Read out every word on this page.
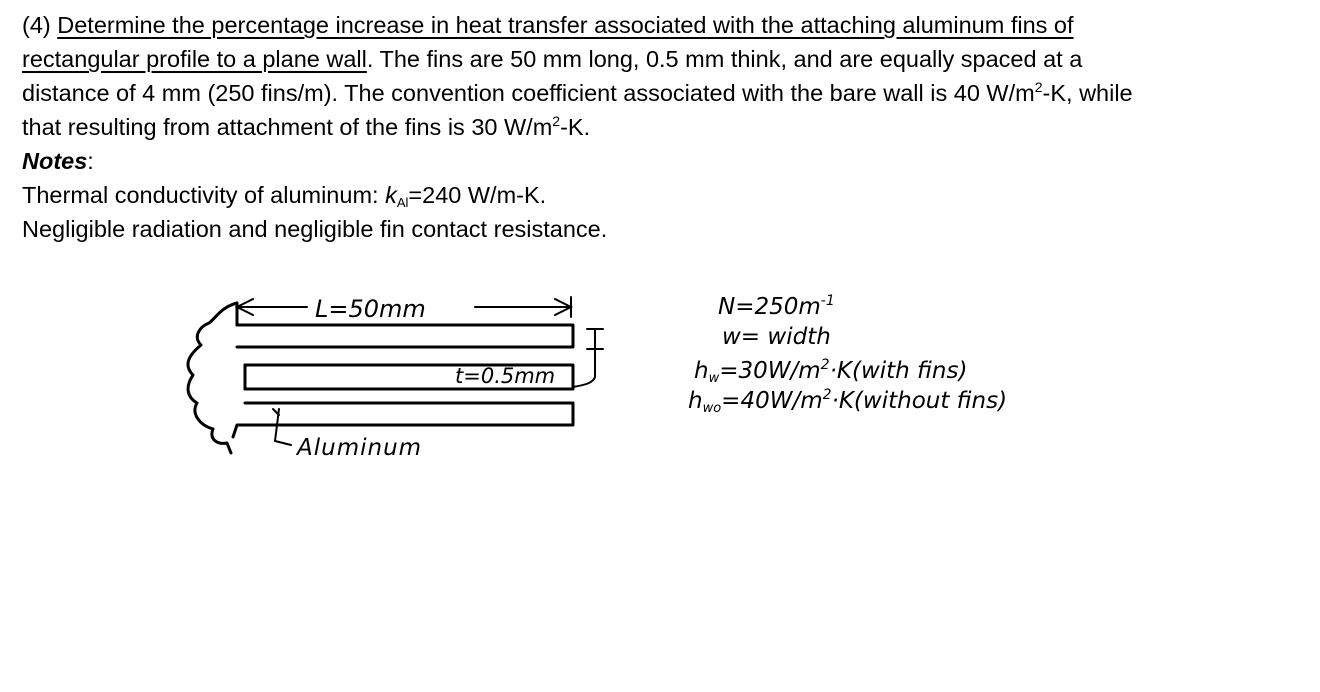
(4) Determine the percentage increase in heat transfer associated with the attaching aluminum fins of
rectangular profile to a plane wall. The fins are 50 mm long, 0.5 mm think, and are equally spaced at a
distance of 4 mm (250 fins/m). The convention coefficient associated with the bare wall is 40 $W/m^2-K$, while
that resulting from attachment of the fins is 30 $W/m^2-K$.
Notes:
Thermal conductivity of aluminum: $k_{Al}=240$ W/m-K.
Negligible radiation and negligible fin contact resistance.
L=50mm
t=0.5mm
Aluminum
$N=250m^{-1}$
w= width
$h_w=30W/m^2\cdot K(with$ fins)
$h_{wo}=40W/m^2\cdot K(without$ fins)
